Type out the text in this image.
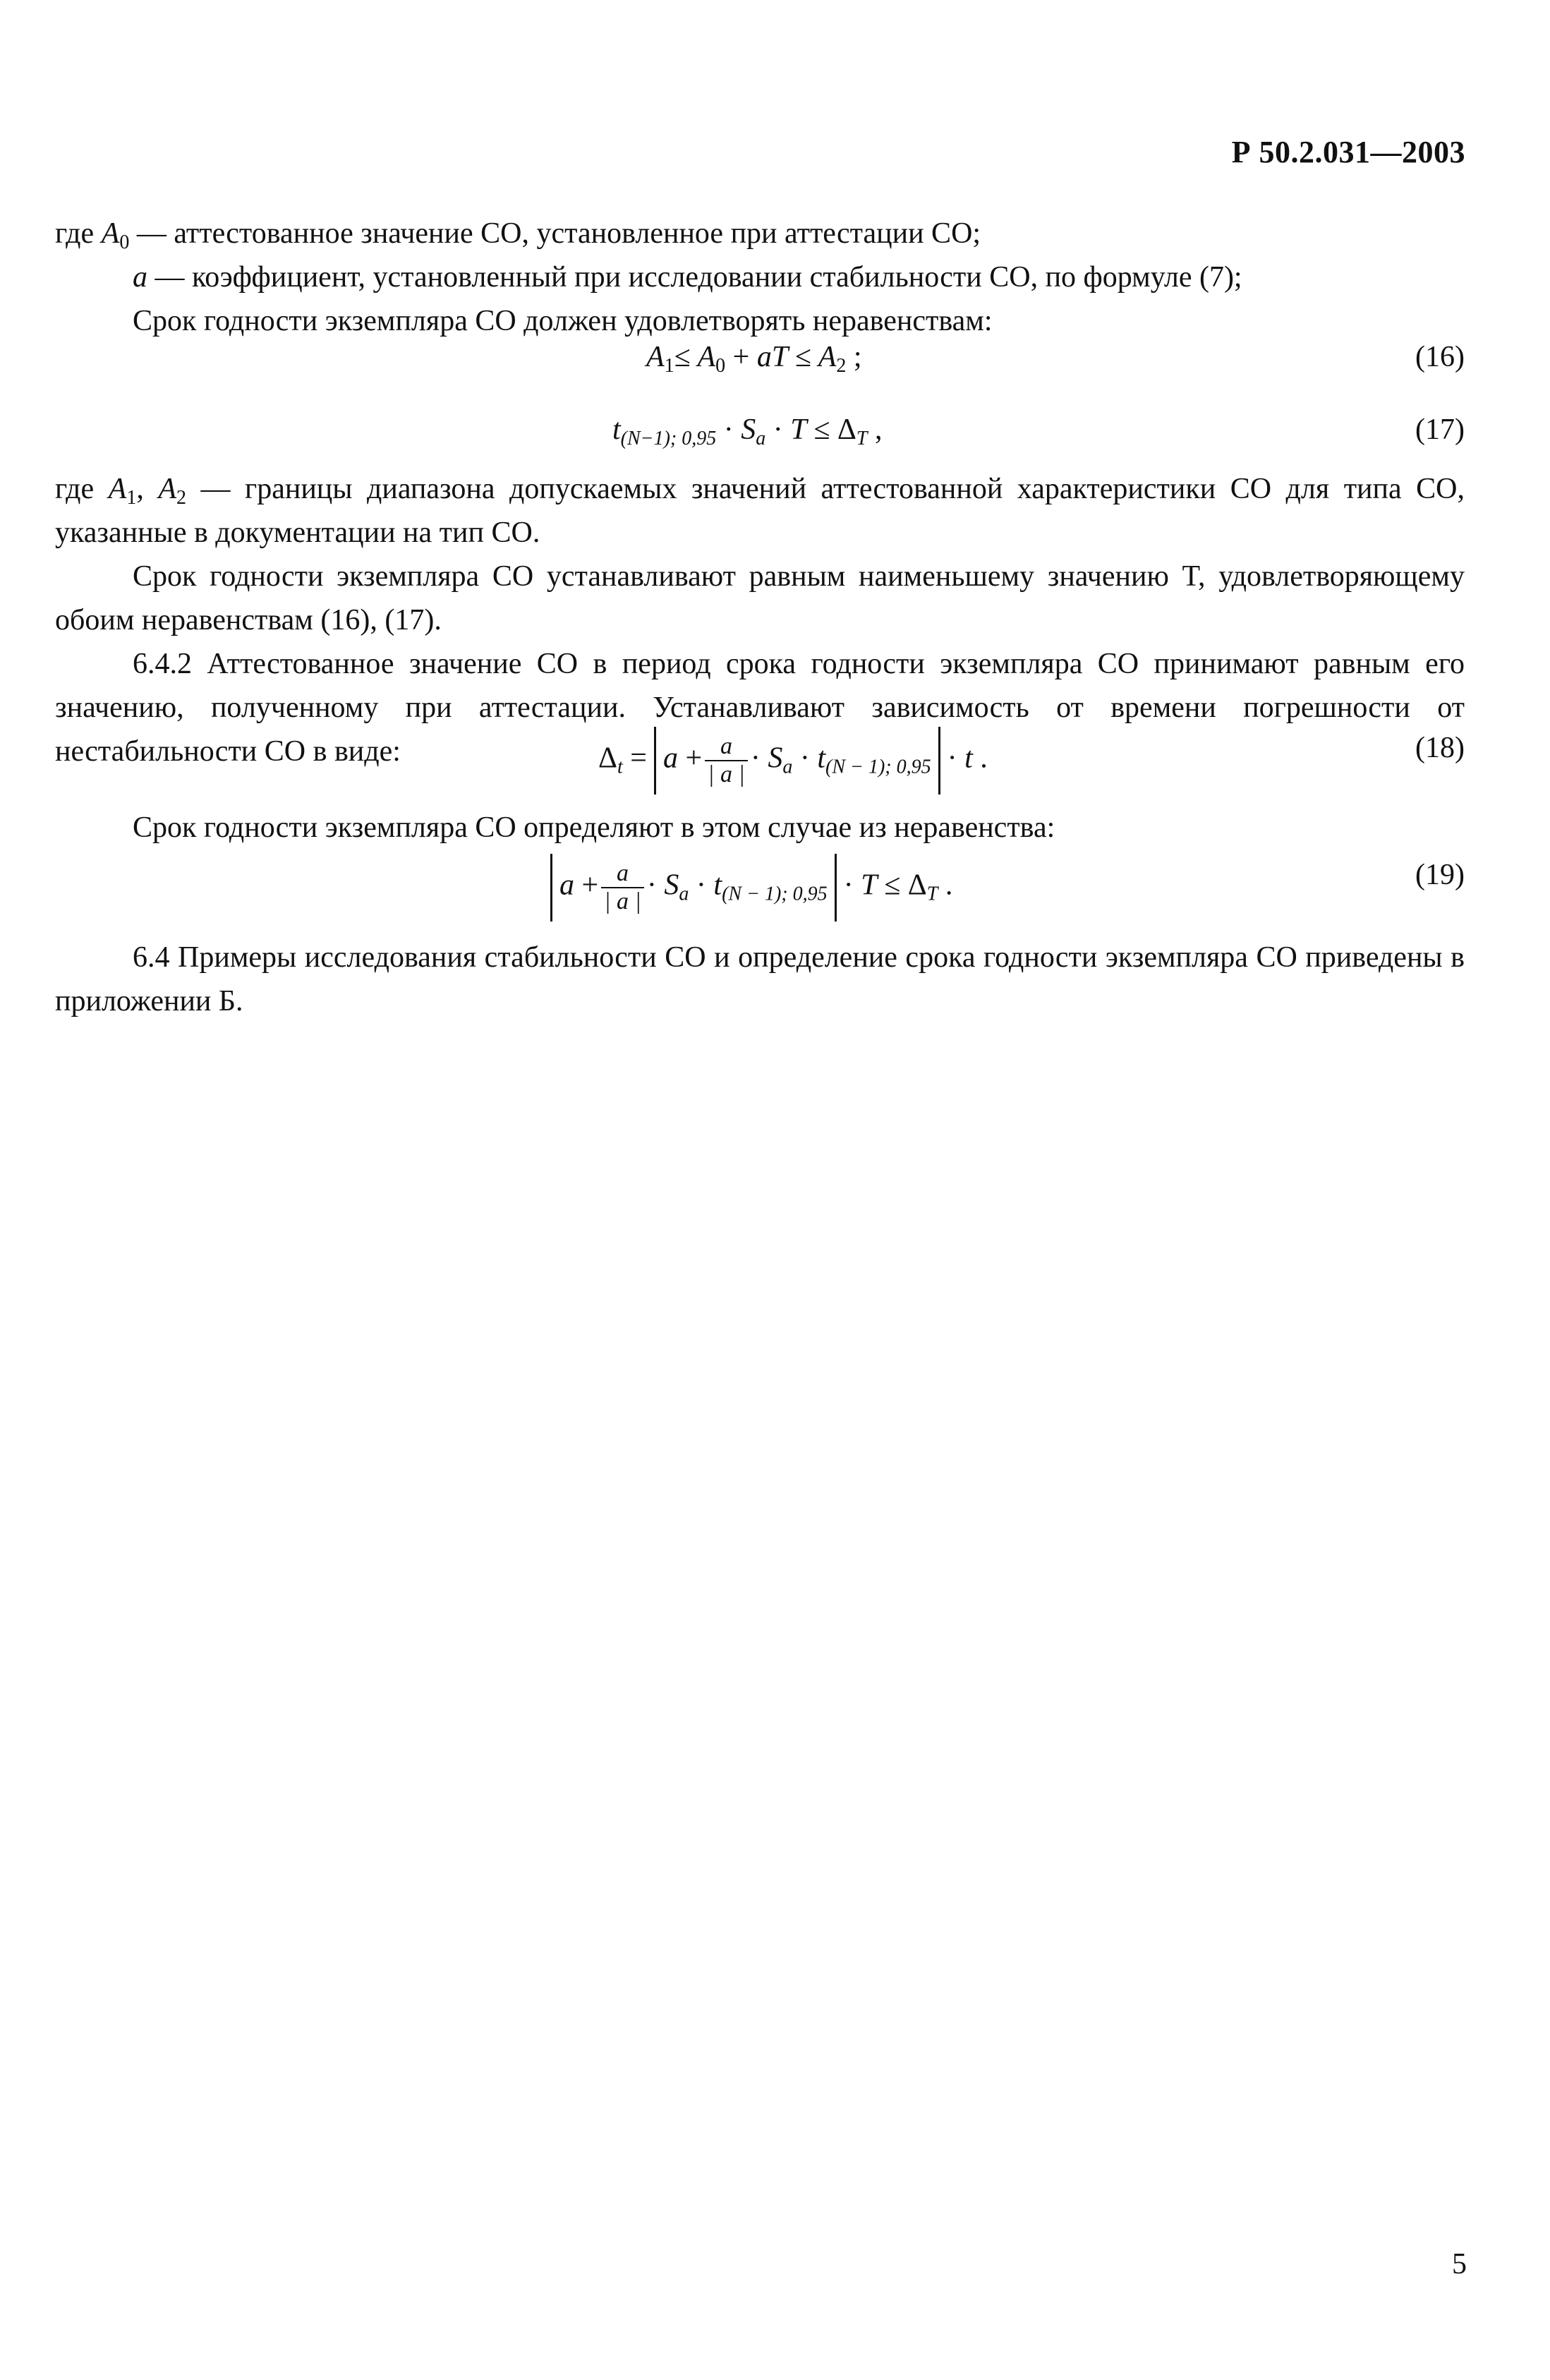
Р 50.2.031—2003

где $A_0$ — аттестованное значение СО, установленное при аттестации СО;

a — коэффициент, установленный при исследовании стабильности СО, по формуле (7);

Срок годности экземпляра СО должен удовлетворять неравенствам:

$A_1\le A_0$ + aT ≤ $A_2$ ;	(16)
$t_{(N-1); 0,95} \cdot S_a \cdot T \le \Delta_T$ ,	(17)

где $A_1$, $A_2$ — границы диапазона допускаемых значений аттестованной характеристики СО для типа СО, указанные в документации на тип СО.

Срок годности экземпляра СО устанавливают равным наименьшему значению T, удовлетворяющему обоим неравенствам (16), (17).

6.4.2 Аттестованное значение СО в период срока годности экземпляра СО принимают равным его значению, полученному при аттестации. Устанавливают зависимость от времени погрешности от нестабильности СО в виде:	$\Delta_t = a + \frac{a}{| a |} \cdot S_a \cdot t_{(N - 1); 0,95} \cdot t$ .	(18)

Срок годности экземпляра СО определяют в этом случае из неравенства:

$a + \frac{a}{| a |} \cdot S_a \cdot t_{(N - 1); 0,95} \cdot T \le \Delta_T$ .	(19)

6.4 Примеры исследования стабильности СО и определение срока годности экземпляра СО приведены в приложении Б.

5
